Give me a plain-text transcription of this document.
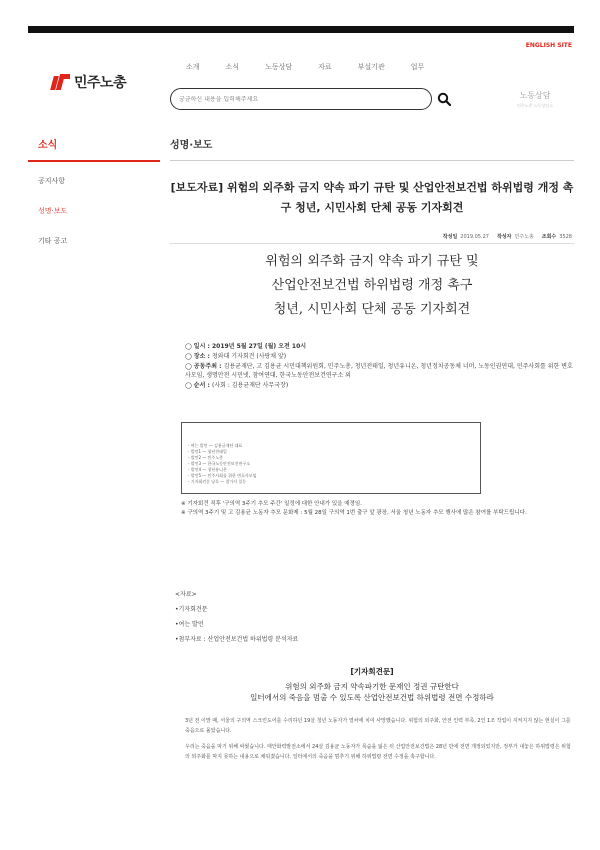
ENGLISH SITE
민주노총
소개	소식	노동상담	자료	부설기관	업무
궁금하신 내용을 입력해주세요
노동상담
민주노총 노동상담소
소식
공지사항
성명·보도
기타 공고
성명·보도
[보도자료] 위험의 외주화 금지 약속 파기 규탄 및 산업안전보건법 하위법령 개정 촉구 청년, 시민사회 단체 공동 기자회견
작성일 2019.05.27 작성자 민주노총 조회수 3528
위험의 외주화 금지 약속 파기 규탄 및
산업안전보건법 하위법령 개정 촉구
청년, 시민사회 단체 공동 기자회견

◯ 일시 : 2019년 5월 27일 (월) 오전 10시

◯ 장소 : 청와대 기자회견 (사랑채 앞)

◯ 공동주최 : 김용균재단, 고 김용균 시민대책위원회, 민주노총, 청년전태일, 청년유니온, 청년정치공동체 너머, 노동인권연대, 민주사회를 위한 변호사모임, 생명안전 시민넷, 참여연대, 한국노동안전보건연구소 외

◯ 순서 : (사회 : 김용균재단 사무국장)

- 여는 발언 — 김용균재단 대표
- 발언1 — 청년전태일
- 발언2 — 민주노총
- 발언3 — 한국노동안전보건연구소
- 발언4 — 청년유니온
- 발언5 — 민주사회를 위한 변호사모임
- 기자회견문 낭독 — 참가자 일동

※ 기자회견 직후 '구의역 3주기 추모 주간' 일정에 대한 안내가 있을 예정임.

※ 구의역 3주기 및 고 김용균 노동자 추모 문화제 : 5월 28일 구의역 1번 출구 앞 광장, 서울 청년 노동자 추모 행사에 많은 참여를 부탁드립니다.

<자료>
•기자회견문
•여는 발언
•첨부자료 : 산업안전보건법 하위법령 분석자료
[기자회견문]
위험의 외주화 금지 약속파기한 문재인 정권 규탄한다
일터에서의 죽음을 멈출 수 있도록 산업안전보건법 하위법령 전면 수정하라

3년 전 이맘 때, 서울의 구의역 스크린도어를 수리하던 19살 청년 노동자가 열차에 치여 사망했습니다. 위험의 외주화, 안전 인력 부족, 2인 1조 작업이 지켜지지 않는 현실이 그를 죽음으로 몰았습니다.

우리는 죽음을 막기 위해 싸웠습니다. 태안화력발전소에서 24살 김용균 노동자가 목숨을 잃은 뒤 산업안전보건법은 28년 만에 전면 개정되었지만, 정부가 내놓은 하위법령은 위험의 외주화를 막지 못하는 내용으로 채워졌습니다. 일터에서의 죽음을 멈추기 위해 하위법령 전면 수정을 촉구합니다.
